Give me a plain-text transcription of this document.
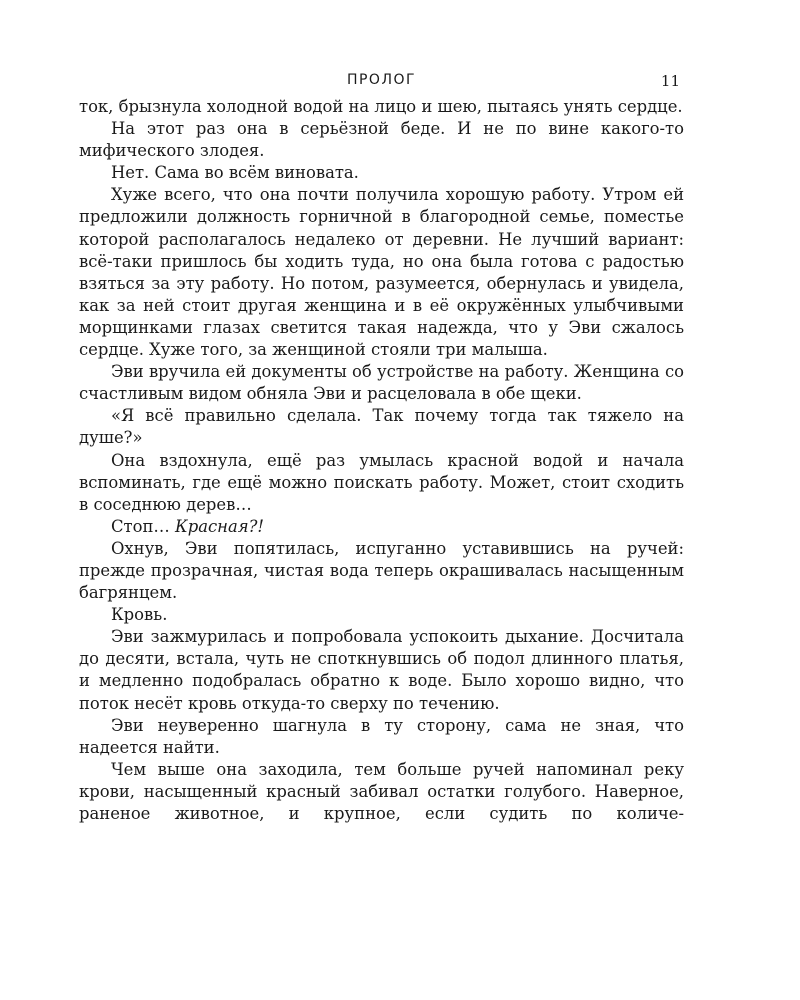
ПРОЛОГ	11

ток, брызнула холодной водой на лицо и шею, пытаясь унять сердце.

На этот раз она в серьёзной беде. И не по вине какого-то мифического злодея.

Нет. Сама во всём виновата.

Хуже всего, что она почти получила хорошую работу. Утром ей предложили должность горничной в благородной семье, поместье которой располагалось недалеко от деревни. Не лучший вариант: всё-таки пришлось бы ходить туда, но она была готова с радостью взяться за эту работу. Но потом, разумеется, обернулась и увидела, как за ней стоит другая женщина и в её окружённых улыбчивыми морщинками глазах светится такая надежда, что у Эви сжалось сердце. Хуже того, за женщиной стояли три малыша.

Эви вручила ей документы об устройстве на работу. Женщина со счастливым видом обняла Эви и расцеловала в обе щеки.

«Я всё правильно сделала. Так почему тогда так тяжело на душе?»

Она вздохнула, ещё раз умылась красной водой и начала вспоминать, где ещё можно поискать работу. Может, стоит сходить в соседнюю дерев…

Стоп… Красная?!

Охнув, Эви попятилась, испуганно уставившись на ручей: прежде прозрачная, чистая вода теперь окрашивалась насыщенным багрянцем.

Кровь.

Эви зажмурилась и попробовала успокоить дыхание. Досчитала до десяти, встала, чуть не споткнувшись об подол длинного платья, и медленно подобралась обратно к воде. Было хорошо видно, что поток несёт кровь откуда-то сверху по течению.

Эви неуверенно шагнула в ту сторону, сама не зная, что надеется найти.

Чем выше она заходила, тем больше ручей напоминал реку крови, насыщенный красный забивал остатки голубого. Наверное, раненое животное, и крупное, если судить по количе-
